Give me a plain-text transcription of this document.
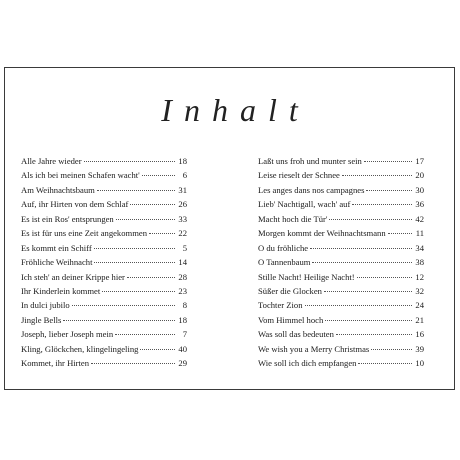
Inhalt
Alle Jahre wieder	18
Als ich bei meinen Schafen wacht'	6
Am Weihnachtsbaum	31
Auf, ihr Hirten von dem Schlaf	26
Es ist ein Ros' entsprungen	33
Es ist für uns eine Zeit angekommen	22
Es kommt ein Schiff	5
Fröhliche Weihnacht	14
Ich steh' an deiner Krippe hier	28
Ihr Kinderlein kommet	23
In dulci jubilo	8
Jingle Bells	18
Joseph, lieber Joseph mein	7
Kling, Glöckchen, klingelingeling	40
Kommet, ihr Hirten	29
Laßt uns froh und munter sein	17
Leise rieselt der Schnee	20
Les anges dans nos campagnes	30
Lieb' Nachtigall, wach' auf	36
Macht hoch die Tür'	42
Morgen kommt der Weihnachtsmann	11
O du fröhliche	34
O Tannenbaum	38
Stille Nacht! Heilige Nacht!	12
Süßer die Glocken	32
Tochter Zion	24
Vom Himmel hoch	21
Was soll das bedeuten	16
We wish you a Merry Christmas	39
Wie soll ich dich empfangen	10
